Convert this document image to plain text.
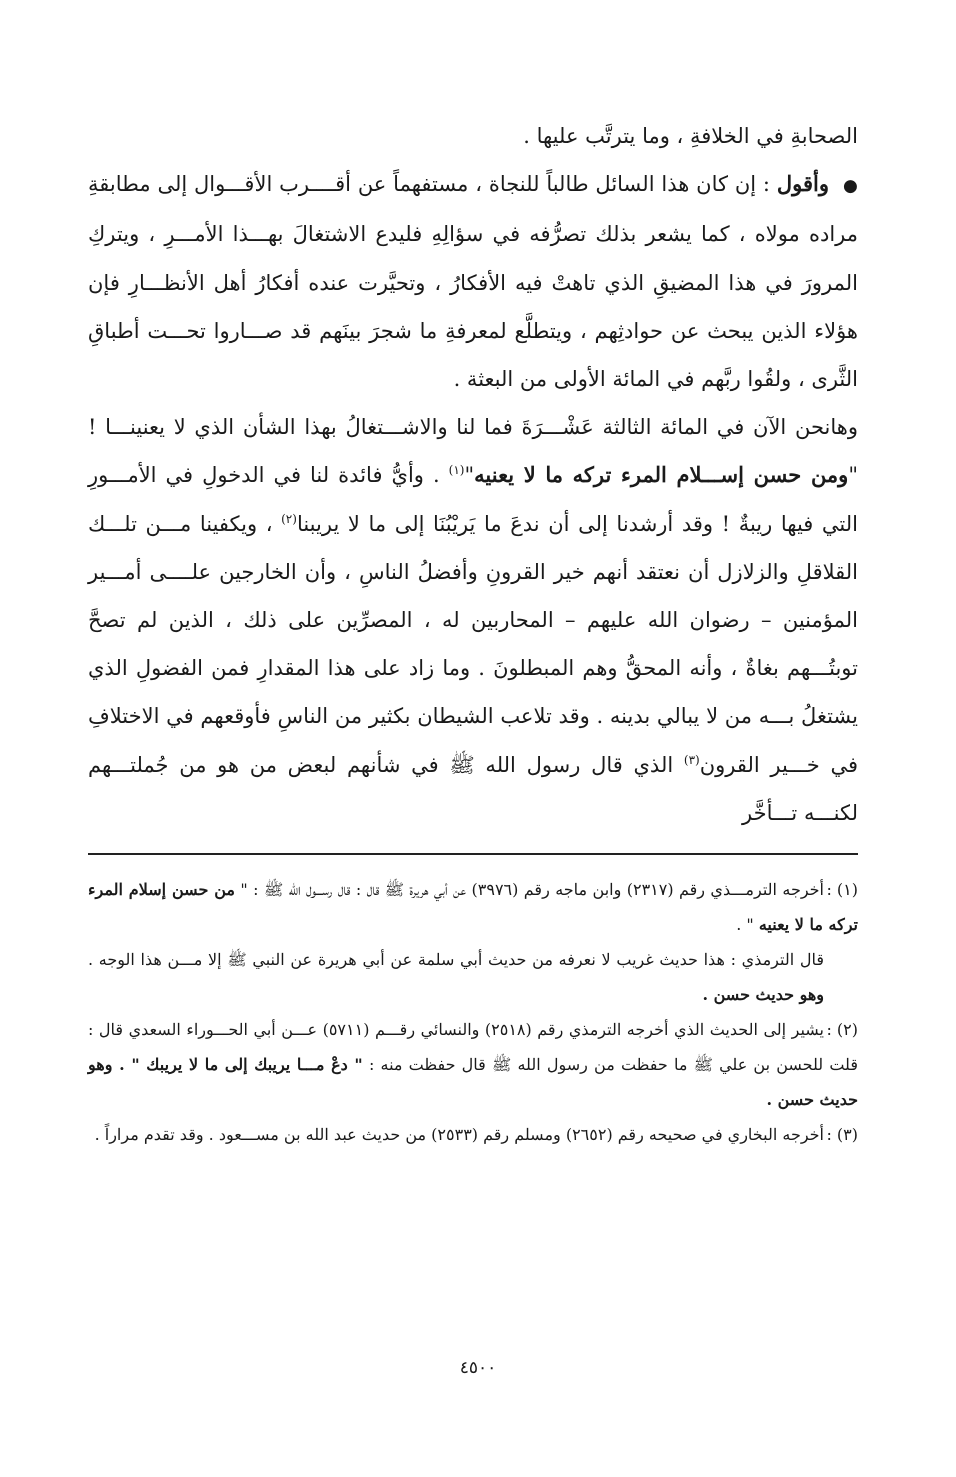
الصحابةِ في الخلافةِ ، وما يترتَّب عليها .

●وأقول : إن كان هذا السائل طالباً للنجاة ، مستفهماً عن أقــــرب الأقـــوال إلى مطابقةِ مراده مولاه ، كما يشعر بذلك تصرُّفه في سؤالِهِ فليدع الاشتغالَ بهـــذا الأمـــرِ ، ويتركِ المرورَ في هذا المضيقِ الذي تاهتْ فيه الأفكارُ ، وتحيَّرت عنده أفكارُ أهل الأنظـــارِ فإن هؤلاء الذين يبحث عن حوادثِهم ، ويتطلَّع لمعرفةِ ما شجرَ بينَهم قد صـــاروا تحـــت أطباقِ الثَّرى ، ولقُوا ربَّهم في المائة الأولى من البعثة .

وهانحن الآن في المائة الثالثة عَشْـــرَةَ فما لنا والاشـــتغالُ بهذا الشأن الذي لا يعنينـــا ! "ومن حسن إســـلام المرء تركه ما لا يعنيه"$^{(١)}$ . وأيُّ فائدة لنا في الدخولِ في الأمـــورِ التي فيها ريبةٌ ! وقد أرشدنا إلى أن ندعَ ما يَريْبُنَا إلى ما لا يريبنا$^{(٢)}$ ، ويكفينا مـــن تلـــك القلاقلِ والزلازل أن نعتقد أنهم خير القرونِ وأفضلُ الناسِ ، وأن الخارجين علــــى أمـــير المؤمنين – رضوان الله عليهم – المحاربين له ، المصرِّين على ذلك ، الذين لم تصحَّ توبتُـــهم بغاةٌ ، وأنه المحقُّ وهم المبطلونَ . وما زاد على هذا المقدارِ فمن الفضولِ الذي يشتغلُ بـــه من لا يبالي بدينه . وقد تلاعب الشيطان بكثير من الناسِ فأوقعهم في الاختلافِ في خـــير القرون$^{(٣)}$ الذي قال رسول الله ﷺ في شأنهم لبعض من هو من جُملتـــهم لكنـــه تـــأخَّر

(١) :أخرجه الترمـــذي رقم (٢٣١٧) وابن ماجه رقم (٣٩٧٦) عن أبي هريرة ﷺ قال : قال رســـول الله ﷺ : " من حسن إسلام المرء تركه ما لا يعنيه " .

قال الترمذي : هذا حديث غريب لا نعرفه من حديث أبي سلمة عن أبي هريرة عن النبي ﷺ إلا مـــن هذا الوجه . وهو حديث حسن .

(٢) :يشير إلى الحديث الذي أخرجه الترمذي رقم (٢٥١٨) والنسائي رقـــم (٥٧١١) عـــن أبي الحـــوراء السعدي قال : قلت للحسن بن علي ﷺ ما حفظت من رسول الله ﷺ قال حفظت منه : " دعْ مـــا يريبك إلى ما لا يريبك " . وهو حديث حسن .

(٣) :أخرجه البخاري في صحيحه رقم (٢٦٥٢) ومسلم رقم (٢٥٣٣) من حديث عبد الله بن مســـعود . وقد تقدم مراراً .

٤٥٠٠
